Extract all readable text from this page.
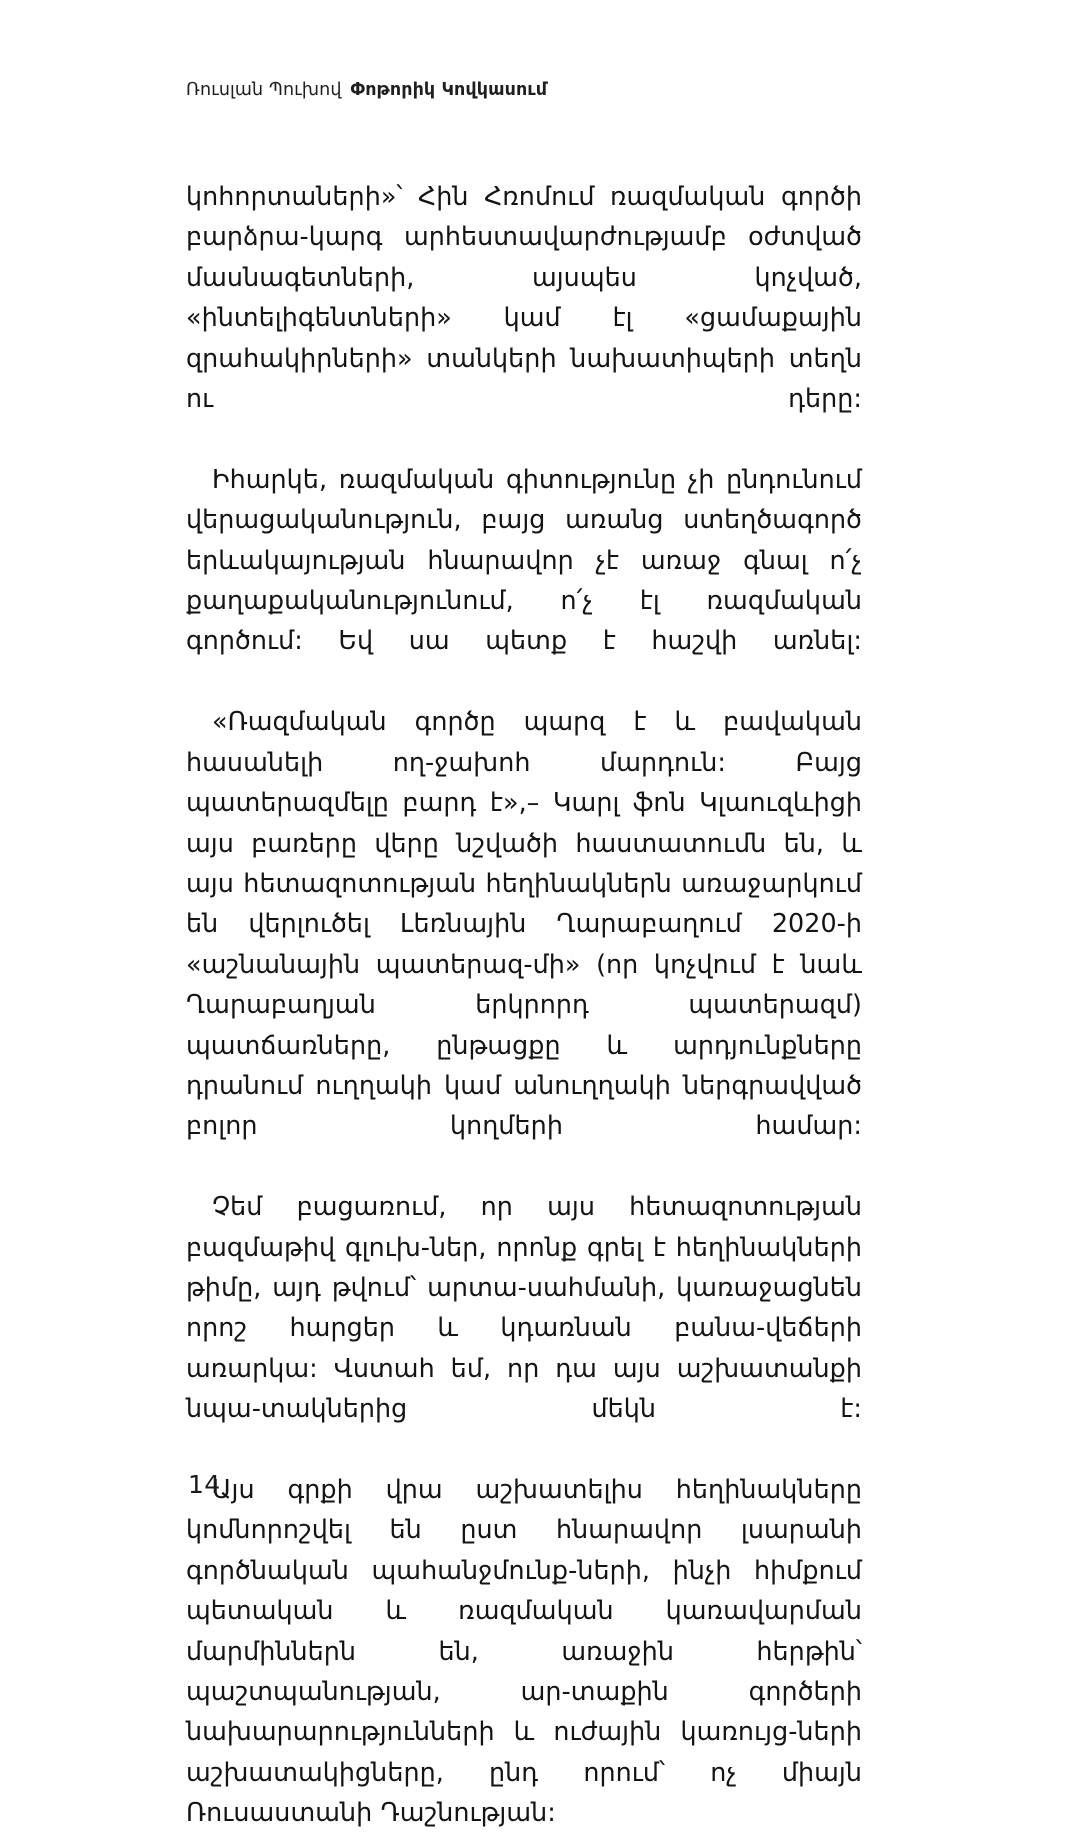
Ռուսլան Պուխով Փոթորիկ Կովկասում

կոհորտաների»՝ Հին Հռոմում ռազմական գործի բարձրա-կարգ արհեստավարժությամբ օժտված մասնագետների, այսպես կոչված, «ինտելիգենտների» կամ էլ «ցամաքային զրահակիրների» տանկերի նախատիպերի տեղն ու դերը:

Իհարկե, ռազմական գիտությունը չի ընդունում վերացականություն, բայց առանց ստեղծագործ երևակայության հնարավոր չէ առաջ գնալ ո՛չ քաղաքականությունում, ո՛չ էլ ռազմական գործում: Եվ սա պետք է հաշվի առնել:

«Ռազմական գործը պարզ է և բավական հասանելի ող-ջախոհ մարդուն: Բայց պատերազմելը բարդ է»,– Կարլ ֆոն Կլաուզևիցի այս բառերը վերը նշվածի հաստատումն են, և այս հետազոտության հեղինակներն առաջարկում են վերլուծել Լեռնային Ղարաբաղում 2020-ի «աշնանային պատերազ-մի» (որ կոչվում է նաև Ղարաբաղյան երկրորդ պատերազմ) պատճառները, ընթացքը և արդյունքները դրանում ուղղակի կամ անուղղակի ներգրավված բոլոր կողմերի համար:

Չեմ բացառում, որ այս հետազոտության բազմաթիվ գլուխ-ներ, որոնք գրել է հեղինակների թիմը, այդ թվում՝ արտա-սահմանի, կառաջացնեն որոշ հարցեր և կդառնան բանա-վեճերի առարկա: Վստահ եմ, որ դա այս աշխատանքի նպա-տակներից մեկն է:

Այս գրքի վրա աշխատելիս հեղինակները կոմնորոշվել են ըստ հնարավոր լսարանի գործնական պահանջմունք-ների, ինչի հիմքում պետական և ռազմական կառավարման մարմիններն են, առաջին հերթին՝ պաշտպանության, ար-տաքին գործերի նախարարությունների և ուժային կառույց-ների աշխատակիցները, ընդ որում՝ ոչ միայն Ռուսաստանի Դաշնության:

14
